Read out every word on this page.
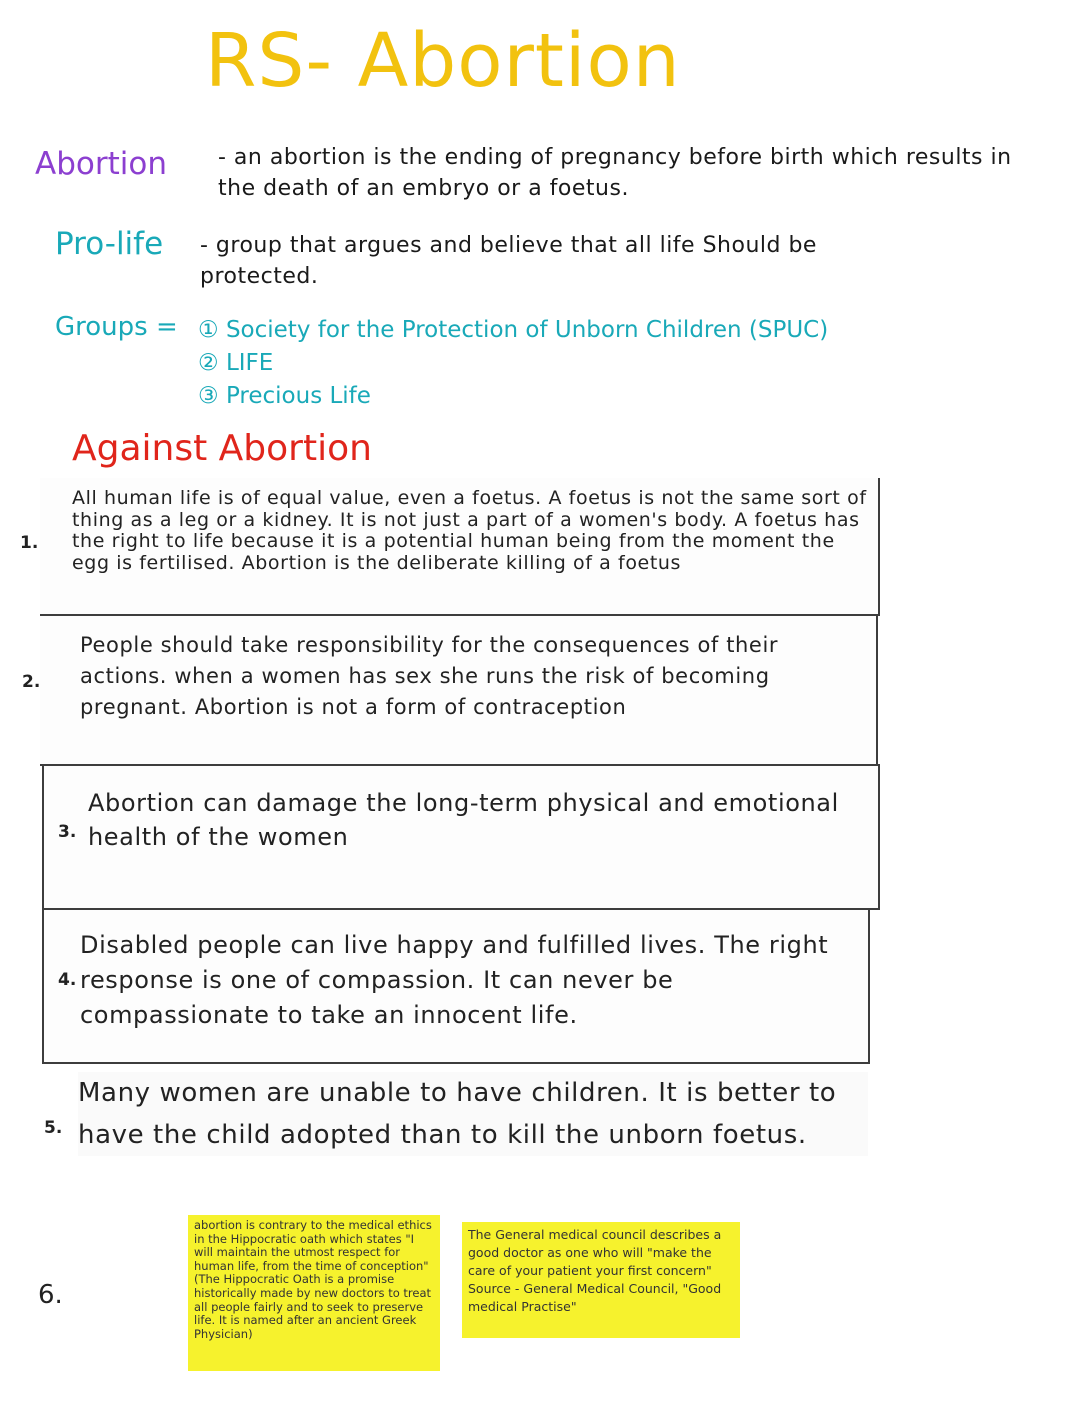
RS- Abortion
Abortion - an abortion is the ending of pregnancy before birth which results in the death of an embryo or a foetus.
Pro-life - group that argues and believe that all life Should be protected.
Groups = ① Society for the Protection of Unborn Children (SPUC)
② LIFE
③ Precious Life
Against Abortion
1.
All human life is of equal value, even a foetus. A foetus is not the same sort of thing as a leg or a kidney. It is not just a part of a women's body. A foetus has the right to life because it is a potential human being from the moment the egg is fertilised. Abortion is the deliberate killing of a foetus
2.
People should take responsibility for the consequences of their actions. when a women has sex she runs the risk of becoming pregnant. Abortion is not a form of contraception
3.
Abortion can damage the long-term physical and emotional health of the women
4.
Disabled people can live happy and fulfilled lives. The right response is one of compassion. It can never be compassionate to take an innocent life.
5.
Many women are unable to have children. It is better to have the child adopted than to kill the unborn foetus.
6.
abortion is contrary to the medical ethics in the Hippocratic oath which states "I will maintain the utmost respect for human life, from the time of conception" (The Hippocratic Oath is a promise historically made by new doctors to treat all people fairly and to seek to preserve life. It is named after an ancient Greek Physician)
The General medical council describes a good doctor as one who will "make the care of your patient your first concern" Source - General Medical Council, "Good medical Practise"
